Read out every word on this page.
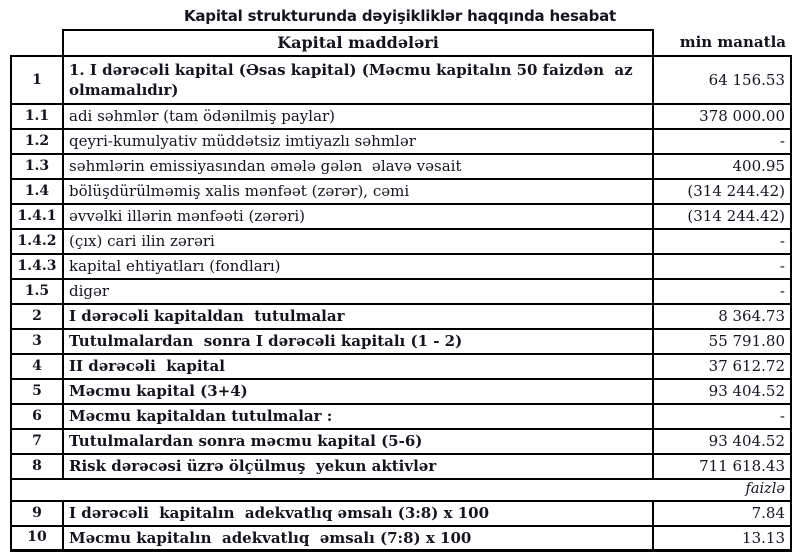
Kapital strukturunda dəyişikliklər haqqında hesabat
	Kapital maddələri	min manatla
1	1. I dərəcəli kapital (Əsas kapital) (Məcmu kapitalın 50 faizdən  az olmamalıdır)	64 156.53
1.1	adi səhmlər (tam ödənilmiş paylar)	378 000.00
1.2	qeyri-kumulyativ müddətsiz imtiyazlı səhmlər	-
1.3	səhmlərin emissiyasından əmələ gələn  əlavə vəsait	400.95
1.4	bölüşdürülməmiş xalis mənfəət (zərər), cəmi	(314 244.42)
1.4.1	əvvəlki illərin mənfəəti (zərəri)	(314 244.42)
1.4.2	(çıx) cari ilin zərəri	-
1.4.3	kapital ehtiyatları (fondları)	-
1.5	digər	-
2	I dərəcəli kapitaldan  tutulmalar	8 364.73
3	Tutulmalardan  sonra I dərəcəli kapitalı (1 - 2)	55 791.80
4	II dərəcəli  kapital	37 612.72
5	Məcmu kapital (3+4)	93 404.52
6	Məcmu kapitaldan tutulmalar :	-
7	Tutulmalardan sonra məcmu kapital (5-6)	93 404.52
8	Risk dərəcəsi üzrə ölçülmuş  yekun aktivlər	711 618.43
faizlə		
9	I dərəcəli  kapitalın  adekvatlıq əmsalı (3:8) x 100	7.84
10	Məcmu kapitalın  adekvatlıq  əmsalı (7:8) x 100	13.13
